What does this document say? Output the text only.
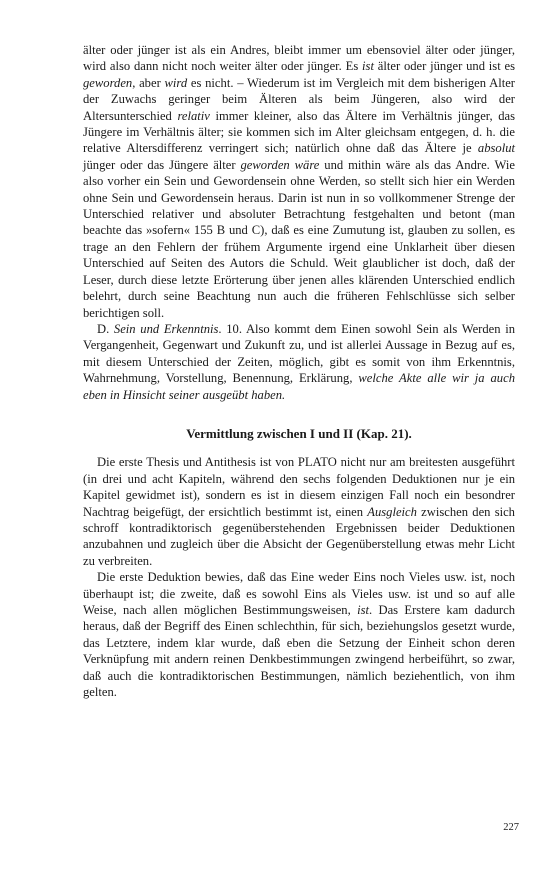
älter oder jünger ist als ein Andres, bleibt immer um ebensoviel älter oder jünger, wird also dann nicht noch weiter älter oder jünger. Es ist älter oder jünger und ist es geworden, aber wird es nicht. – Wiederum ist im Vergleich mit dem bisherigen Alter der Zuwachs geringer beim Älteren als beim Jüngeren, also wird der Altersunterschied relativ immer kleiner, also das Ältere im Verhältnis jünger, das Jüngere im Verhältnis älter; sie kommen sich im Alter gleichsam entgegen, d. h. die relative Altersdifferenz verringert sich; natürlich ohne daß das Ältere je absolut jünger oder das Jüngere älter geworden wäre und mithin wäre als das Andre. Wie also vorher ein Sein und Gewordensein ohne Werden, so stellt sich hier ein Werden ohne Sein und Gewordensein heraus. Darin ist nun in so vollkommener Strenge der Unterschied relativer und absoluter Betrachtung festgehalten und betont (man beachte das »sofern« 155 B und C), daß es eine Zumutung ist, glauben zu sollen, es trage an den Fehlern der frühem Argumente irgend eine Unklarheit über diesen Unterschied auf Seiten des Autors die Schuld. Weit glaublicher ist doch, daß der Leser, durch diese letzte Erörterung über jenen alles klärenden Unterschied endlich belehrt, durch seine Beachtung nun auch die früheren Fehlschlüsse sich selber berichtigen soll.

D. Sein und Erkenntnis. 10. Also kommt dem Einen sowohl Sein als Werden in Vergangenheit, Gegenwart und Zukunft zu, und ist allerlei Aussage in Bezug auf es, mit diesem Unterschied der Zeiten, möglich, gibt es somit von ihm Erkenntnis, Wahrnehmung, Vorstellung, Benennung, Erklärung, welche Akte alle wir ja auch eben in Hinsicht seiner ausgeübt haben.

Vermittlung zwischen I und II (Kap. 21).

Die erste Thesis und Antithesis ist von PLATO nicht nur am breitesten ausgeführt (in drei und acht Kapiteln, während den sechs folgenden Deduktionen nur je ein Kapitel gewidmet ist), sondern es ist in diesem einzigen Fall noch ein besondrer Nachtrag beigefügt, der ersichtlich bestimmt ist, einen Ausgleich zwischen den sich schroff kontradiktorisch gegenüberstehenden Ergebnissen beider Deduktionen anzubahnen und zugleich über die Absicht der Gegenüberstellung etwas mehr Licht zu verbreiten.

Die erste Deduktion bewies, daß das Eine weder Eins noch Vieles usw. ist, noch überhaupt ist; die zweite, daß es sowohl Eins als Vieles usw. ist und so auf alle Weise, nach allen möglichen Bestimmungsweisen, ist. Das Erstere kam dadurch heraus, daß der Begriff des Einen schlechthin, für sich, beziehungslos gesetzt wurde, das Letztere, indem klar wurde, daß eben die Setzung der Einheit schon deren Verknüpfung mit andern reinen Denkbestimmungen zwingend herbeiführt, so zwar, daß auch die kontradiktorischen Bestimmungen, nämlich beziehentlich, von ihm gelten.

227
